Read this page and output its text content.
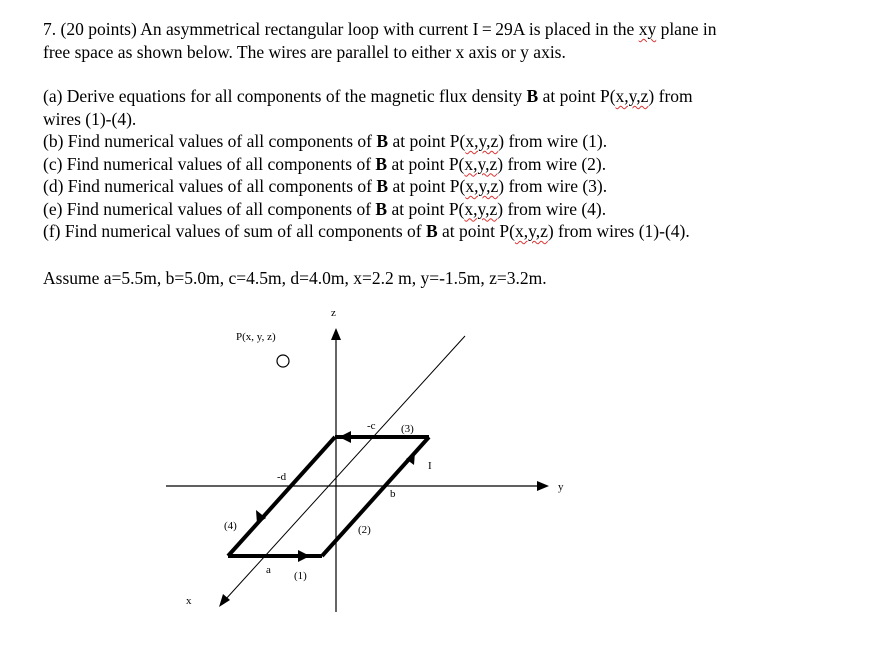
7. (20 points) An asymmetrical rectangular loop with current I = 29A is placed in the xy plane in

free space as shown below. The wires are parallel to either x axis or y axis.

(a) Derive equations for all components of the magnetic flux density B at point P(x,y,z) from

wires (1)-(4).

(b) Find numerical values of all components of B at point P(x,y,z) from wire (1).

(c) Find numerical values of all components of B at point P(x,y,z) from wire (2).

(d) Find numerical values of all components of B at point P(x,y,z) from wire (3).

(e) Find numerical values of all components of B at point P(x,y,z) from wire (4).

(f) Find numerical values of sum of all components of B at point P(x,y,z) from wires (1)-(4).

Assume a=5.5m, b=5.0m, c=4.5m, d=4.0m, x=2.2 m, y=-1.5m, z=3.2m.

z
y
x
P(x, y, z)
-c (3)
I
-d
b
(4)	(2)
a (1)
